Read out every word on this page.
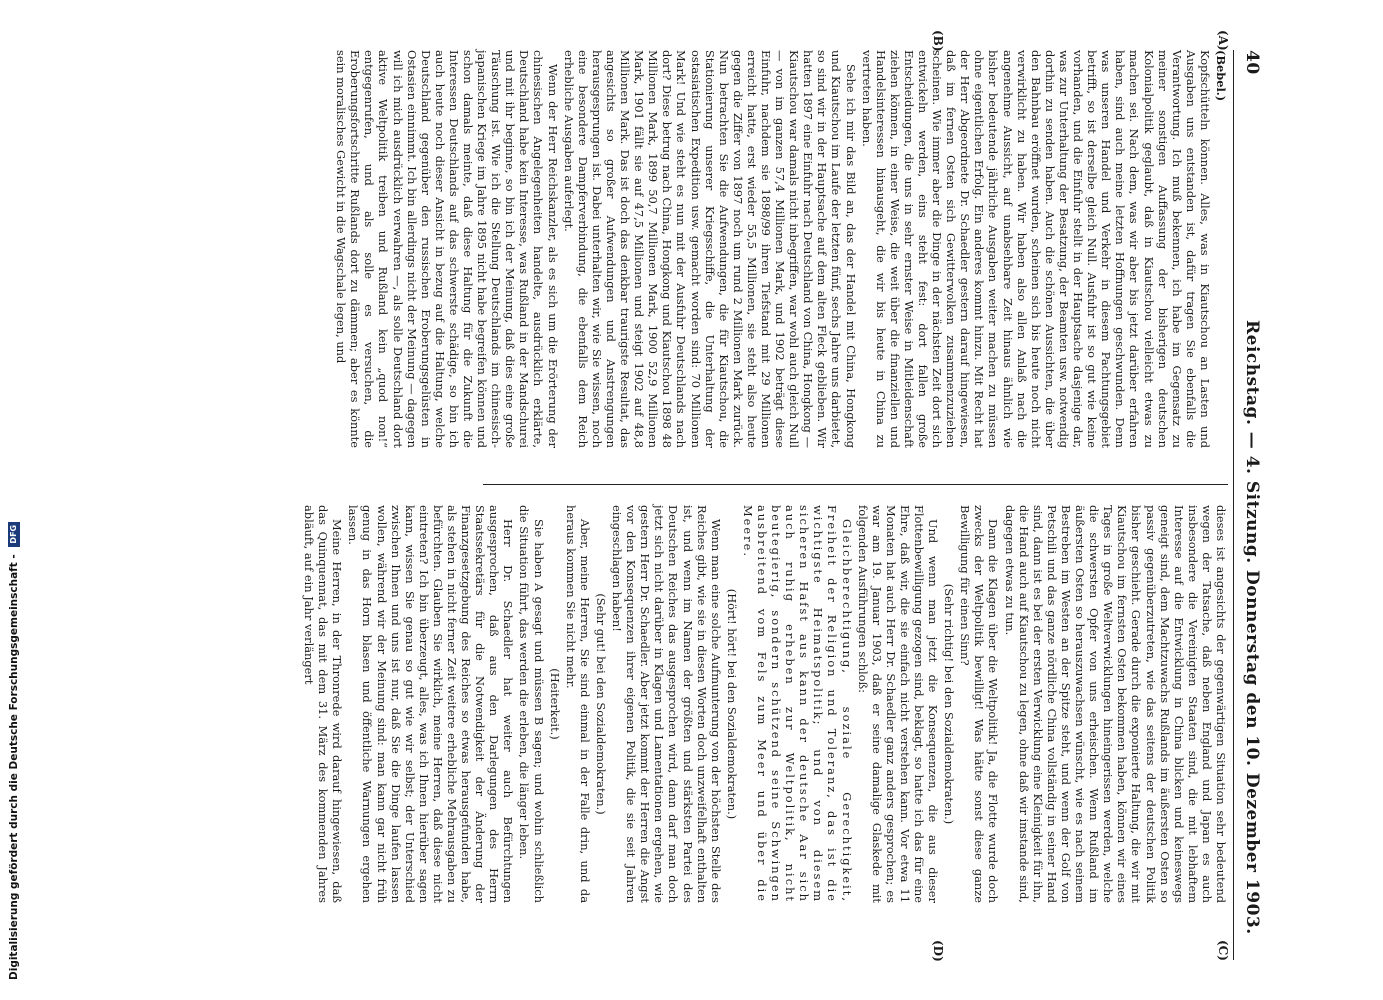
40
Reichstag. — 4. Sitzung. Donnerstag den 10. Dezember 1903.
(A)
(B)
(C)
(D)

(Bebel.)

Kopfschütteln können. Alles, was in Kiautschou an Lasten und Ausgaben uns entstanden ist, dafür tragen Sie ebenfalls die Verantwortung. Ich muß bekennen, ich habe im Gegensatz zu meiner sonstigen Auffassung der bisherigen deutschen Kolonialpolitik geglaubt, daß in Kiautschou vielleicht etwas zu machen sei. Nach dem, was wir aber bis jetzt darüber erfahren haben, sind auch meine letzten Hoffnungen geschwunden. Denn was unseren Handel und Verkehr in diesem Pachtungsgebiet betrifft, so ist derselbe gleich Null. Ausfuhr ist so gut wie keine vorhanden, und die Einfuhr stellt in der Hauptsache dasjenige dar, was zur Unterhaltung der Besatzung, der Beamten usw. notwendig dorthin zu senden haben. Auch die schönen Aussichten, die über den Bahnbau eröffnet wurden, scheinen sich bis heute noch nicht verwirklicht zu haben. Wir haben also allen Anlaß nach die angenehme Aussicht, auf unabsehbare Zeit hinaus ähnlich wie bisher bedeutende jährliche Ausgaben weiter machen zu müssen ohne eigentlichen Erfolg. Ein anderes kommt hinzu. Mit Recht hat der Herr Abgeordnete Dr. Schaedler gestern darauf hingewiesen, daß im fernen Osten sich Gewitterwolken zusammenzuziehen scheinen. Wie immer aber die Dinge in der nächsten Zeit dort sich entwickeln werden, eins steht fest: dort fallen große Entscheidungen, die uns in sehr ernster Weise in Mitleidenschaft ziehen können, in einer Weise, die weit über die finanziellen und Handelsinteressen hinausgeht, die wir bis heute in China zu vertreten haben.

Sehe ich mir das Bild an, das der Handel mit China, Hongkong und Kiautschou im Laufe der letzten fünf, sechs Jahre uns darbietet, so sind wir in der Hauptsache auf dem alten Fleck geblieben. Wir hatten 1897 eine Einfuhr nach Deutschland von China, Hongkong — Kiautschou war damals nicht inbegriffen, war wohl auch gleich Null — von im ganzen 57,4 Millionen Mark, und 1902 beträgt diese Einfuhr, nachdem sie 1898/99 ihren Tiefstand mit 29 Millionen erreicht hatte, erst wieder 55,5 Millionen, sie steht also heute gegen die Ziffer von 1897 noch um rund 2 Millionen Mark zurück. Nun betrachten Sie die Aufwendungen, die für Kiautschou, die Stationierung unserer Kriegsschiffe, die Unterhaltung der ostasiatischen Expedition usw. gemacht worden sind: 70 Millionen Mark! Und wie steht es nun mit der Ausfuhr Deutschlands nach dort? Diese betrug nach China, Hongkong und Kiautschou 1898 48 Millionen Mark, 1899 50,7 Millionen Mark, 1900 52,9 Millionen Mark, 1901 fällt sie auf 47,5 Millionen und steigt 1902 auf 48,8 Millionen Mark. Das ist doch das denkbar traurigste Resultat, das angesichts so großer Aufwendungen und Anstrengungen herausgesprungen ist. Dabei unterhalten wir, wie Sie wissen, noch eine besondere Dampferverbindung, die ebenfalls dem Reich erhebliche Ausgaben auferlegt.

Wenn der Herr Reichskanzler, als es sich um die Erörterung der chinesischen Angelegenheiten handelte, ausdrücklich erklärte, Deutschland habe kein Interesse, was Rußland in der Mandschurei und mit ihr beginne, so bin ich der Meinung, daß dies eine große Täuschung ist. Wie ich die Stellung Deutschlands im chinesisch-japanischen Kriege im Jahre 1895 nicht habe begreifen können und schon damals meinte, daß diese Haltung für die Zukunft die Interessen Deutschlands auf das schwerste schädige, so bin ich auch heute noch dieser Ansicht in bezug auf die Haltung, welche Deutschland gegenüber den russischen Eroberungsgelüsten in Ostasien einnimmt. Ich bin allerdings nicht der Meinung — dagegen will ich mich ausdrücklich verwahren —, als solle Deutschland dort aktive Weltpolitik treiben und Rußland kein „quod non!“ entgegenrufen, und als solle es versuchen, die Eroberungsfortschritte Rußlands dort zu dämmen; aber es könnte sein moralisches Gewicht in die Wagschale legen, und

dieses ist angesichts der gegenwärtigen Situation sehr bedeutend wegen der Tatsache, daß neben England und Japan es auch insbesondere die Vereinigten Staaten sind, die mit lebhaftem Interesse auf die Entwicklung in China blicken und keineswegs geneigt sind, dem Machtzuwachs Rußlands im äußersten Osten so passiv gegenüberzutreten, wie das seitens der deutschen Politik bisher geschieht. Gerade durch die exponierte Haltung, die wir mit Kiautschou im fernsten Osten bekommen haben, können wir eines Tages in große Weltverwicklungen hineingerissen werden, welche die schwersten Opfer von uns erheischen. Wenn Rußland im äußersten Osten so herauszuwachsen wünscht, wie es nach seinem Bestreben im Westen an der Spitze steht, und wenn der Golf von Petschili und das ganze nördliche China vollständig in seiner Hand sind, dann ist es bei der ersten Verwicklung eine Kleinigkeit für ihn, die Hand auch auf Kiautschou zu legen, ohne daß wir imstande sind, dagegen etwas zu tun.

Dann die Klagen über die Weltpolitik! Ja, die Flotte wurde doch zwecks der Weltpolitik bewilligt! Was hätte sonst diese ganze Bewilligung für einen Sinn?

(Sehr richtig! bei den Sozialdemokraten.)

Und wenn man jetzt die Konsequenzen, die aus dieser Flottenbewilligung gezogen sind, beklagt, so hatte ich das für eine Ehre, daß wir, die sie einfach nicht verstehen kann. Vor etwa 11 Monaten hat auch Herr Dr. Schaedler ganz anders gesprochen; es war am 19. Januar 1903, daß er seine damalige Glaskede mit folgenden Ausführungen schloß:

Gleichberechtigung, soziale Gerechtigkeit, Freiheit der Religion und Toleranz, das ist die wichtigste Heimatspolitik; und von diesem sicheren Hafst aus kann der deutsche Aar sich auch ruhig erheben zur Weltpolitik, nicht beutegierig, sondern schützend seine Schwingen ausbreitend vom Fels zum Meer und über die Meere.

(Hört! hört! bei den Sozialdemokraten.)

Wenn man eine solche Aufmunterung von der höchsten Stelle des Reiches gibt, wie sie in diesen Worten doch unzweifelhaft enthalten ist, und wenn im Namen der größten und stärksten Partei des Deutschen Reiches das ausgesprochen wird, dann darf man doch jetzt sich nicht darüber in Klagen und Lamentationen ergehen, wie gestern Herr Dr. Schaedler. Aber jetzt kommt der Herren die Angst vor den Konsequenzen ihrer eigenen Politik, die sie seit Jahren eingeschlagen haben!

(Sehr gut! bei den Sozialdemokraten.)

Aber, meine Herren, Sie sind einmal in der Falle drin, und da heraus kommen Sie nicht mehr.

(Heiterkeit.)

Sie haben A gesagt und müssen B sagen; und wohin schließlich die Situation führt, das werden die erleben, die länger leben.

Herr Dr. Schaedler hat weiter auch Befürchtungen ausgesprochen, daß aus den Darlegungen des Herrn Staatssekretärs für die Notwendigkeit der Änderung der Finanzgesetzgebung des Reiches so etwas herausgefunden habe, als stehen in nicht ferner Zeit weitere erhebliche Mehrausgaben zu befürchten. Glauben Sie wirklich, meine Herren, daß diese nicht eintreten? Ich bin überzeugt, alles, was ich Ihnen hierüber sagen kann, wissen Sie genau so gut wie wir selbst; der Unterschied zwischen Ihnen und uns ist nur, daß Sie die Dinge laufen lassen wollen, während wir der Meinung sind: man kann gar nicht früh genug in das Horn blasen und öffentliche Warnungen ergehen lassen.

Meine Herren, in der Thronrede wird darauf hingewiesen, daß das Quinquennat, das mit dem 31. März des kommenden Jahres abläuft, auf ein Jahr verlängert

Digitalisierung gefördert durch die Deutsche Forschungsgemeinschaft - DFG
